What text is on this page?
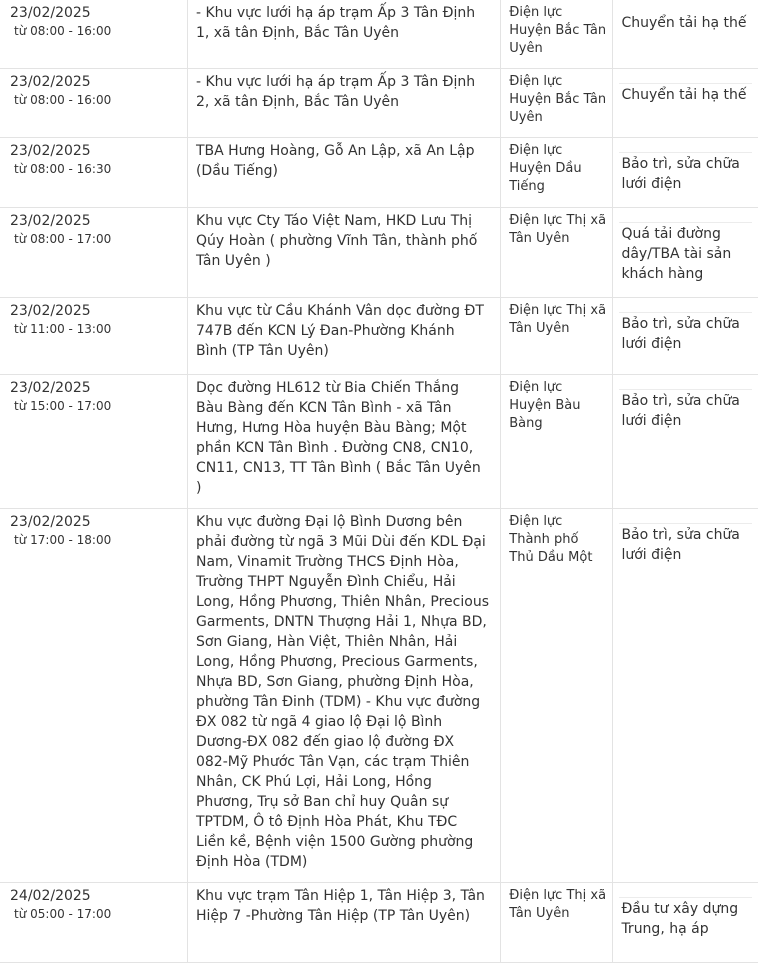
23/02/2025
từ 08:00 - 16:00	- Khu vực lưới hạ áp trạm Ấp 3 Tân Định 1, xã tân Định, Bắc Tân Uyên	Điện lực Huyện Bắc Tân Uyên	Chuyển tải hạ thế

23/02/2025
từ 08:00 - 16:00	- Khu vực lưới hạ áp trạm Ấp 3 Tân Định 2, xã tân Định, Bắc Tân Uyên	Điện lực Huyện Bắc Tân Uyên	Chuyển tải hạ thế

23/02/2025
từ 08:00 - 16:30	TBA Hưng Hoàng, Gỗ An Lập, xã An Lập (Dầu Tiếng)	Điện lực Huyện Dầu Tiếng	Bảo trì, sửa chữa lưới điện

23/02/2025
từ 08:00 - 17:00	Khu vực Cty Táo Việt Nam, HKD Lưu Thị Qúy Hoàn ( phường Vĩnh Tân, thành phố Tân Uyên )	Điện lực Thị xã Tân Uyên	Quá tải đường dây/TBA tài sản khách hàng

23/02/2025
từ 11:00 - 13:00	Khu vực từ Cầu Khánh Vân dọc đường ĐT 747B đến KCN Lý Đan-Phường Khánh Bình (TP Tân Uyên)	Điện lực Thị xã Tân Uyên	Bảo trì, sửa chữa lưới điện

23/02/2025
từ 15:00 - 17:00	Dọc đường HL612 từ Bia Chiến Thắng Bàu Bàng đến KCN Tân Bình - xã Tân Hưng, Hưng Hòa huyện Bàu Bàng; Một phần KCN Tân Bình . Đường CN8, CN10, CN11, CN13, TT Tân Bình ( Bắc Tân Uyên )	Điện lực Huyện Bàu Bàng	Bảo trì, sửa chữa lưới điện

23/02/2025
từ 17:00 - 18:00	Khu vực đường Đại lộ Bình Dương bên phải đường từ ngã 3 Mũi Dùi đến KDL Đại Nam, Vinamit Trường THCS Định Hòa, Trường THPT Nguyễn Đình Chiểu, Hải Long, Hồng Phương, Thiên Nhân, Precious Garments, DNTN Thượng Hải 1, Nhựa BD, Sơn Giang, Hàn Việt, Thiên Nhân, Hải Long, Hồng Phương, Precious Garments, Nhựa BD, Sơn Giang, phường Định Hòa, phường Tân Đinh (TDM) - Khu vực đường ĐX 082 từ ngã 4 giao lộ Đại lộ Bình Dương-ĐX 082 đến giao lộ đường ĐX 082-Mỹ Phước Tân Vạn, các trạm Thiên Nhân, CK Phú Lợi, Hải Long, Hồng Phương, Trụ sở Ban chỉ huy Quân sự TPTDM, Ô tô Định Hòa Phát, Khu TĐC Liền kề, Bệnh viện 1500 Gường phường Định Hòa (TDM)	Điện lực Thành phố Thủ Dầu Một	Bảo trì, sửa chữa lưới điện

24/02/2025
từ 05:00 - 17:00	Khu vực trạm Tân Hiệp 1, Tân Hiệp 3, Tân Hiệp 7 -Phường Tân Hiệp (TP Tân Uyên)	Điện lực Thị xã Tân Uyên	Đầu tư xây dựng Trung, hạ áp
